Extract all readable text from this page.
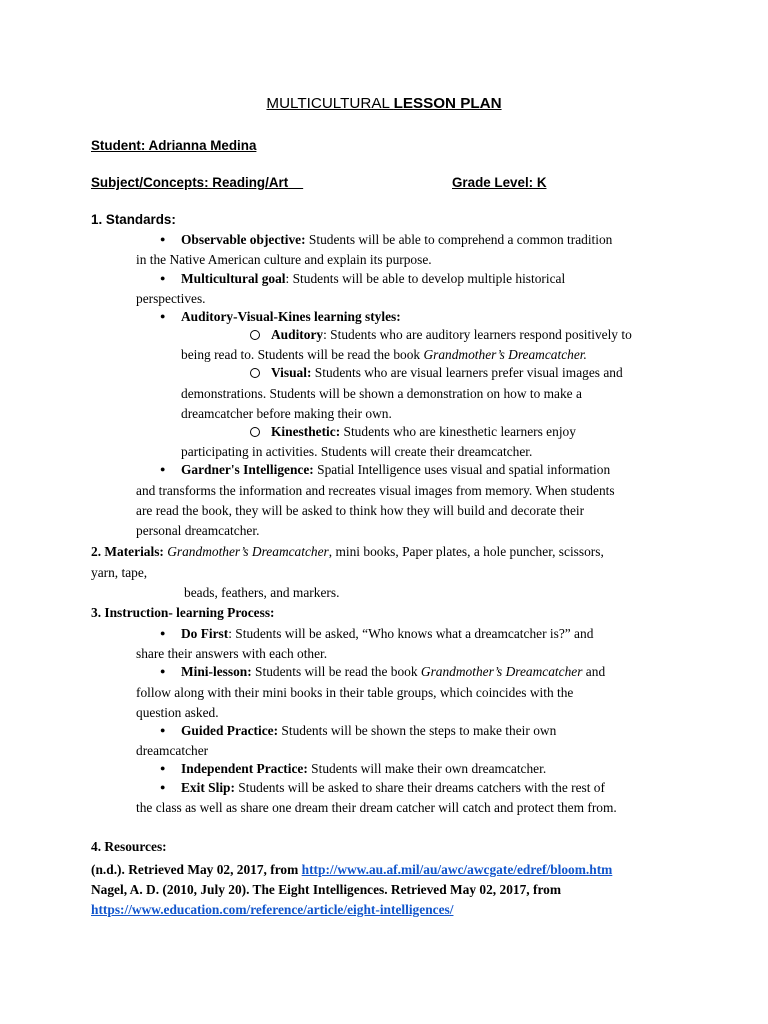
MULTICULTURAL LESSON PLAN
Student: Adrianna Medina
Subject/Concepts: Reading/Art__	Grade Level: K
1. Standards:
● Observable objective: Students will be able to comprehend a common tradition
in the Native American culture and explain its purpose.
● Multicultural goal: Students will be able to develop multiple historical
perspectives.
● Auditory-Visual-Kines learning styles:
Auditory: Students who are auditory learners respond positively to
being read to. Students will be read the book Grandmother’s Dreamcatcher.
Visual: Students who are visual learners prefer visual images and
demonstrations. Students will be shown a demonstration on how to make a
dreamcatcher before making their own.
Kinesthetic: Students who are kinesthetic learners enjoy
participating in activities. Students will create their dreamcatcher.
● Gardner's Intelligence: Spatial Intelligence uses visual and spatial information
and transforms the information and recreates visual images from memory. When students
are read the book, they will be asked to think how they will build and decorate their
personal dreamcatcher.
2. Materials: Grandmother’s Dreamcatcher, mini books, Paper plates, a hole puncher, scissors,
yarn, tape,
beads, feathers, and markers.
3. Instruction- learning Process:
● Do First: Students will be asked, “Who knows what a dreamcatcher is?” and
share their answers with each other.
● Mini-lesson: Students will be read the book Grandmother’s Dreamcatcher and
follow along with their mini books in their table groups, which coincides with the
question asked.
● Guided Practice: Students will be shown the steps to make their own
dreamcatcher
● Independent Practice: Students will make their own dreamcatcher.
● Exit Slip: Students will be asked to share their dreams catchers with the rest of
the class as well as share one dream their dream catcher will catch and protect them from.
4. Resources:
(n.d.). Retrieved May 02, 2017, from http://www.au.af.mil/au/awc/awcgate/edref/bloom.htm
Nagel, A. D. (2010, July 20). The Eight Intelligences. Retrieved May 02, 2017, from
https://www.education.com/reference/article/eight-intelligences/
